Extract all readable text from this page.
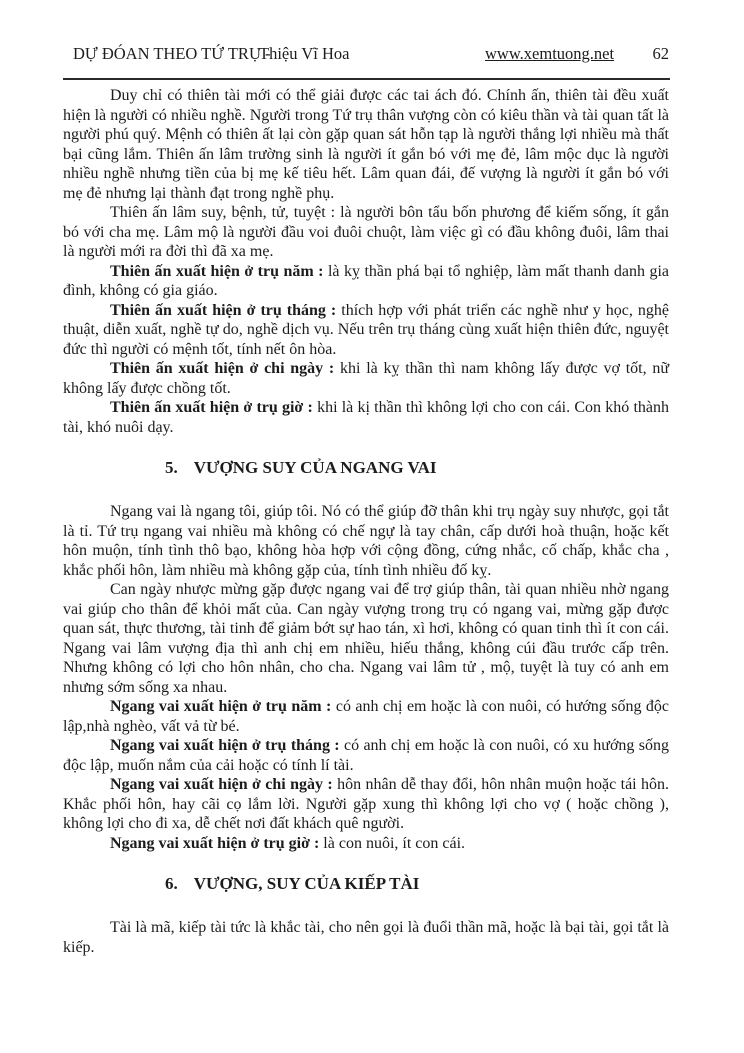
DỰ ĐÓAN THEO TỨ TRỤ -
Thiệu Vĩ Hoa	www.xemtuong.net 62

Duy chỉ có thiên tài mới có thể giải được các tai ách đó. Chính ấn, thiên tài đều xuất hiện là người có nhiều nghề. Người trong Tứ trụ thân vượng còn có kiêu thần và tài quan tất là người phú quý. Mệnh có thiên ất lại còn gặp quan sát hỗn tạp là người thắng lợi nhiều mà thất bại cũng lắm. Thiên ấn lâm trường sinh là người ít gắn bó với mẹ đẻ, lâm mộc dục là người nhiều nghề nhưng tiền của bị mẹ kế tiêu hết. Lâm quan đái, đế vượng là người ít gắn bó với mẹ đẻ nhưng lại thành đạt trong nghề phụ.

Thiên ấn lâm suy, bệnh, tử, tuyệt : là người bôn tẩu bốn phương để kiếm sống, ít gắn bó với cha mẹ. Lâm mộ là người đầu voi đuôi chuột, làm việc gì có đầu không đuôi, lâm thai là người mới ra đời thì đã xa mẹ.

Thiên ấn xuất hiện ở trụ năm : là kỵ thần phá bại tổ nghiệp, làm mất thanh danh gia đình, không có gia giáo.

Thiên ấn xuất hiện ở trụ tháng : thích hợp với phát triển các nghề như y học, nghệ thuật, diễn xuất, nghề tự do, nghề dịch vụ. Nếu trên trụ tháng cùng xuất hiện thiên đức, nguyệt đức thì người có mệnh tốt, tính nết ôn hòa.

Thiên ấn xuất hiện ở chi ngày : khi là kỵ thần thì nam không lấy được vợ tốt, nữ không lấy được chồng tốt.

Thiên ấn xuất hiện ở trụ giờ : khi là kị thần thì không lợi cho con cái. Con khó thành tài, khó nuôi dạy.

5. VƯỢNG SUY CỦA NGANG VAI

Ngang vai là ngang tôi, giúp tôi. Nó có thể giúp đỡ thân khi trụ ngày suy nhược, gọi tắt là tỉ. Tứ trụ ngang vai nhiều mà không có chế ngự là tay chân, cấp dưới hoà thuận, hoặc kết hôn muộn, tính tình thô bạo, không hòa hợp với cộng đồng, cứng nhắc, cố chấp, khắc cha , khắc phối hôn, làm nhiều mà không gặp của, tính tình nhiều đố kỵ.

Can ngày nhược mừng gặp được ngang vai để trợ giúp thân, tài quan nhiều nhờ ngang vai giúp cho thân để khỏi mất của. Can ngày vượng trong trụ có ngang vai, mừng gặp được quan sát, thực thương, tài tinh để giảm bớt sự hao tán, xì hơi, không có quan tinh thì ít con cái. Ngang vai lâm vượng địa thì anh chị em nhiều, hiếu thắng, không cúi đầu trước cấp trên. Nhưng không có lợi cho hôn nhân, cho cha. Ngang vai lâm tử , mộ, tuyệt là tuy có anh em nhưng sớm sống xa nhau.

Ngang vai xuất hiện ở trụ năm : có anh chị em hoặc là con nuôi, có hướng sống độc lập,nhà nghèo, vất vả từ bé.

Ngang vai xuất hiện ở trụ tháng : có anh chị em hoặc là con nuôi, có xu hướng sống độc lập, muốn nắm của cải hoặc có tính lí tài.

Ngang vai xuất hiện ở chi ngày : hôn nhân dễ thay đổi, hôn nhân muộn hoặc tái hôn. Khắc phối hôn, hay cãi cọ lắm lời. Người gặp xung thì không lợi cho vợ ( hoặc chồng ), không lợi cho đi xa, dễ chết nơi đất khách quê người.

Ngang vai xuất hiện ở trụ giờ : là con nuôi, ít con cái.

6. VƯỢNG, SUY CỦA KIẾP TÀI

Tài là mã, kiếp tài tức là khắc tài, cho nên gọi là đuổi thần mã, hoặc là bại tài, gọi tắt là kiếp.
